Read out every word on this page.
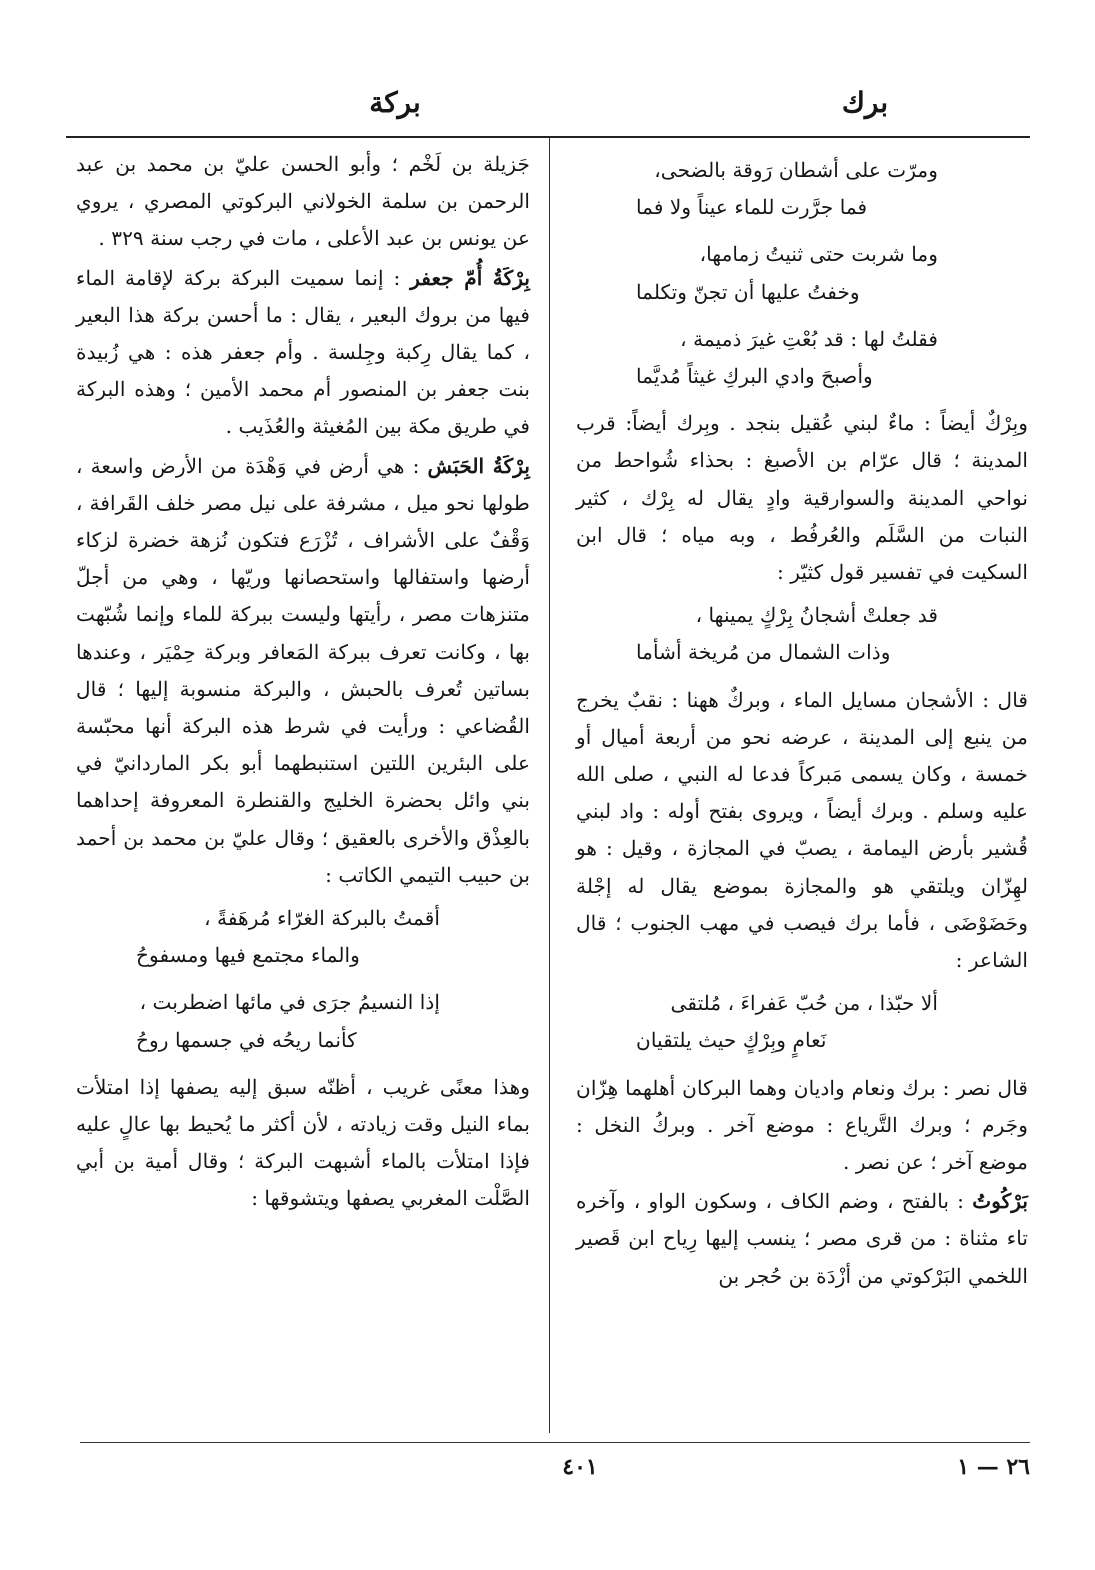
برك
بركة
ومرّت على أشطان رَوقة بالضحى،
فما جرَّرت للماء عيناً ولا فما
وما شربت حتى ثنيتُ زمامها،
وخفتُ عليها أن تجنّ وتكلما
فقلتُ لها : قد بُعْتِ غيرَ ذميمة ،
وأصبحَ وادي البركِ غيثاً مُديَّما

وبِرْكٌ أيضاً : ماءٌ لبني عُقيل بنجد . وبِرك أيضاً: قرب المدينة ؛ قال عرّام بن الأصبغ : بحذاء شُواحط من نواحي المدينة والسوارقية وادٍ يقال له بِرْك ، كثير النبات من السَّلَم والعُرفُط ، وبه مياه ؛ قال ابن السكيت في تفسير قول كثيّر :

قد جعلتْ أشجانُ بِرْكٍ يمينها ،
وذات الشمال من مُريخة أشأما

قال : الأشجان مسايل الماء ، وبركٌ ههنا : نقبٌ يخرج من ينبع إلى المدينة ، عرضه نحو من أربعة أميال أو خمسة ، وكان يسمى مَبركاً فدعا له النبي ، صلى الله عليه وسلم . وبرك أيضاً ، ويروى بفتح أوله : واد لبني قُشير بأرض اليمامة ، يصبّ في المجازة ، وقيل : هو لهِزّان ويلتقي هو والمجازة بموضع يقال له إجْلة وحَضَوْضَى ، فأما برك فيصب في مهب الجنوب ؛ قال الشاعر :

ألا حبّذا ، من حُبّ عَفراءَ ، مُلتقى
نَعامٍ وبِرْكٍ حيث يلتقيان

قال نصر : برك ونعام واديان وهما البركان أهلهما هِزّان وجَرم ؛ وبرك التَّرياع : موضع آخر . وبركُ النخل : موضع آخر ؛ عن نصر .

بَرْكُوتُ : بالفتح ، وضم الكاف ، وسكون الواو ، وآخره تاء مثناة : من قرى مصر ؛ ينسب إليها رِياح ابن قَصير اللخمي البَرْكوتي من أزْدَة بن حُجر بن

جَزيلة بن لَخْم ؛ وأبو الحسن عليّ بن محمد بن عبد الرحمن بن سلمة الخولاني البركوتي المصري ، يروي عن يونس بن عبد الأعلى ، مات في رجب سنة ٣٢٩ .

بِرْكَةُ أُمّ جعفر : إنما سميت البركة بركة لإقامة الماء فيها من بروك البعير ، يقال : ما أحسن بركة هذا البعير ، كما يقال رِكبة وجِلسة . وأم جعفر هذه : هي زُبيدة بنت جعفر بن المنصور أم محمد الأمين ؛ وهذه البركة في طريق مكة بين المُغيثة والعُذَيب .

بِرْكَةُ الحَبَش : هي أرض في وَهْدَة من الأرض واسعة ، طولها نحو ميل ، مشرفة على نيل مصر خلف القَرافة ، وَقْفٌ على الأشراف ، تُزْرَع فتكون نُزهة خضرة لزكاء أرضها واستفالها واستحصانها وريّها ، وهي من أجلّ متنزهات مصر ، رأيتها وليست ببركة للماء وإنما شُبّهت بها ، وكانت تعرف ببركة المَعافر وبركة حِمْيَر ، وعندها بساتين تُعرف بالحبش ، والبركة منسوبة إليها ؛ قال القُضاعي : ورأيت في شرط هذه البركة أنها محبّسة على البئرين اللتين استنبطهما أبو بكر الماردانيّ في بني وائل بحضرة الخليج والقنطرة المعروفة إحداهما بالعِذْق والأخرى بالعقيق ؛ وقال عليّ بن محمد بن أحمد بن حبيب التيمي الكاتب :

أقمتُ بالبركة الغرّاء مُرهَفةً ،
والماء مجتمع فيها ومسفوحُ
إذا النسيمُ جرَى في مائها اضطربت ،
كأنما ريحُه في جسمها روحُ

وهذا معنًى غريب ، أظنّه سبق إليه يصفها إذا امتلأت بماء النيل وقت زيادته ، لأن أكثر ما يُحيط بها عالٍ عليه فإذا امتلأت بالماء أشبهت البركة ؛ وقال أمية بن أبي الصَّلْت المغربي يصفها ويتشوقها :

٤٠١	٢٦ — ١
